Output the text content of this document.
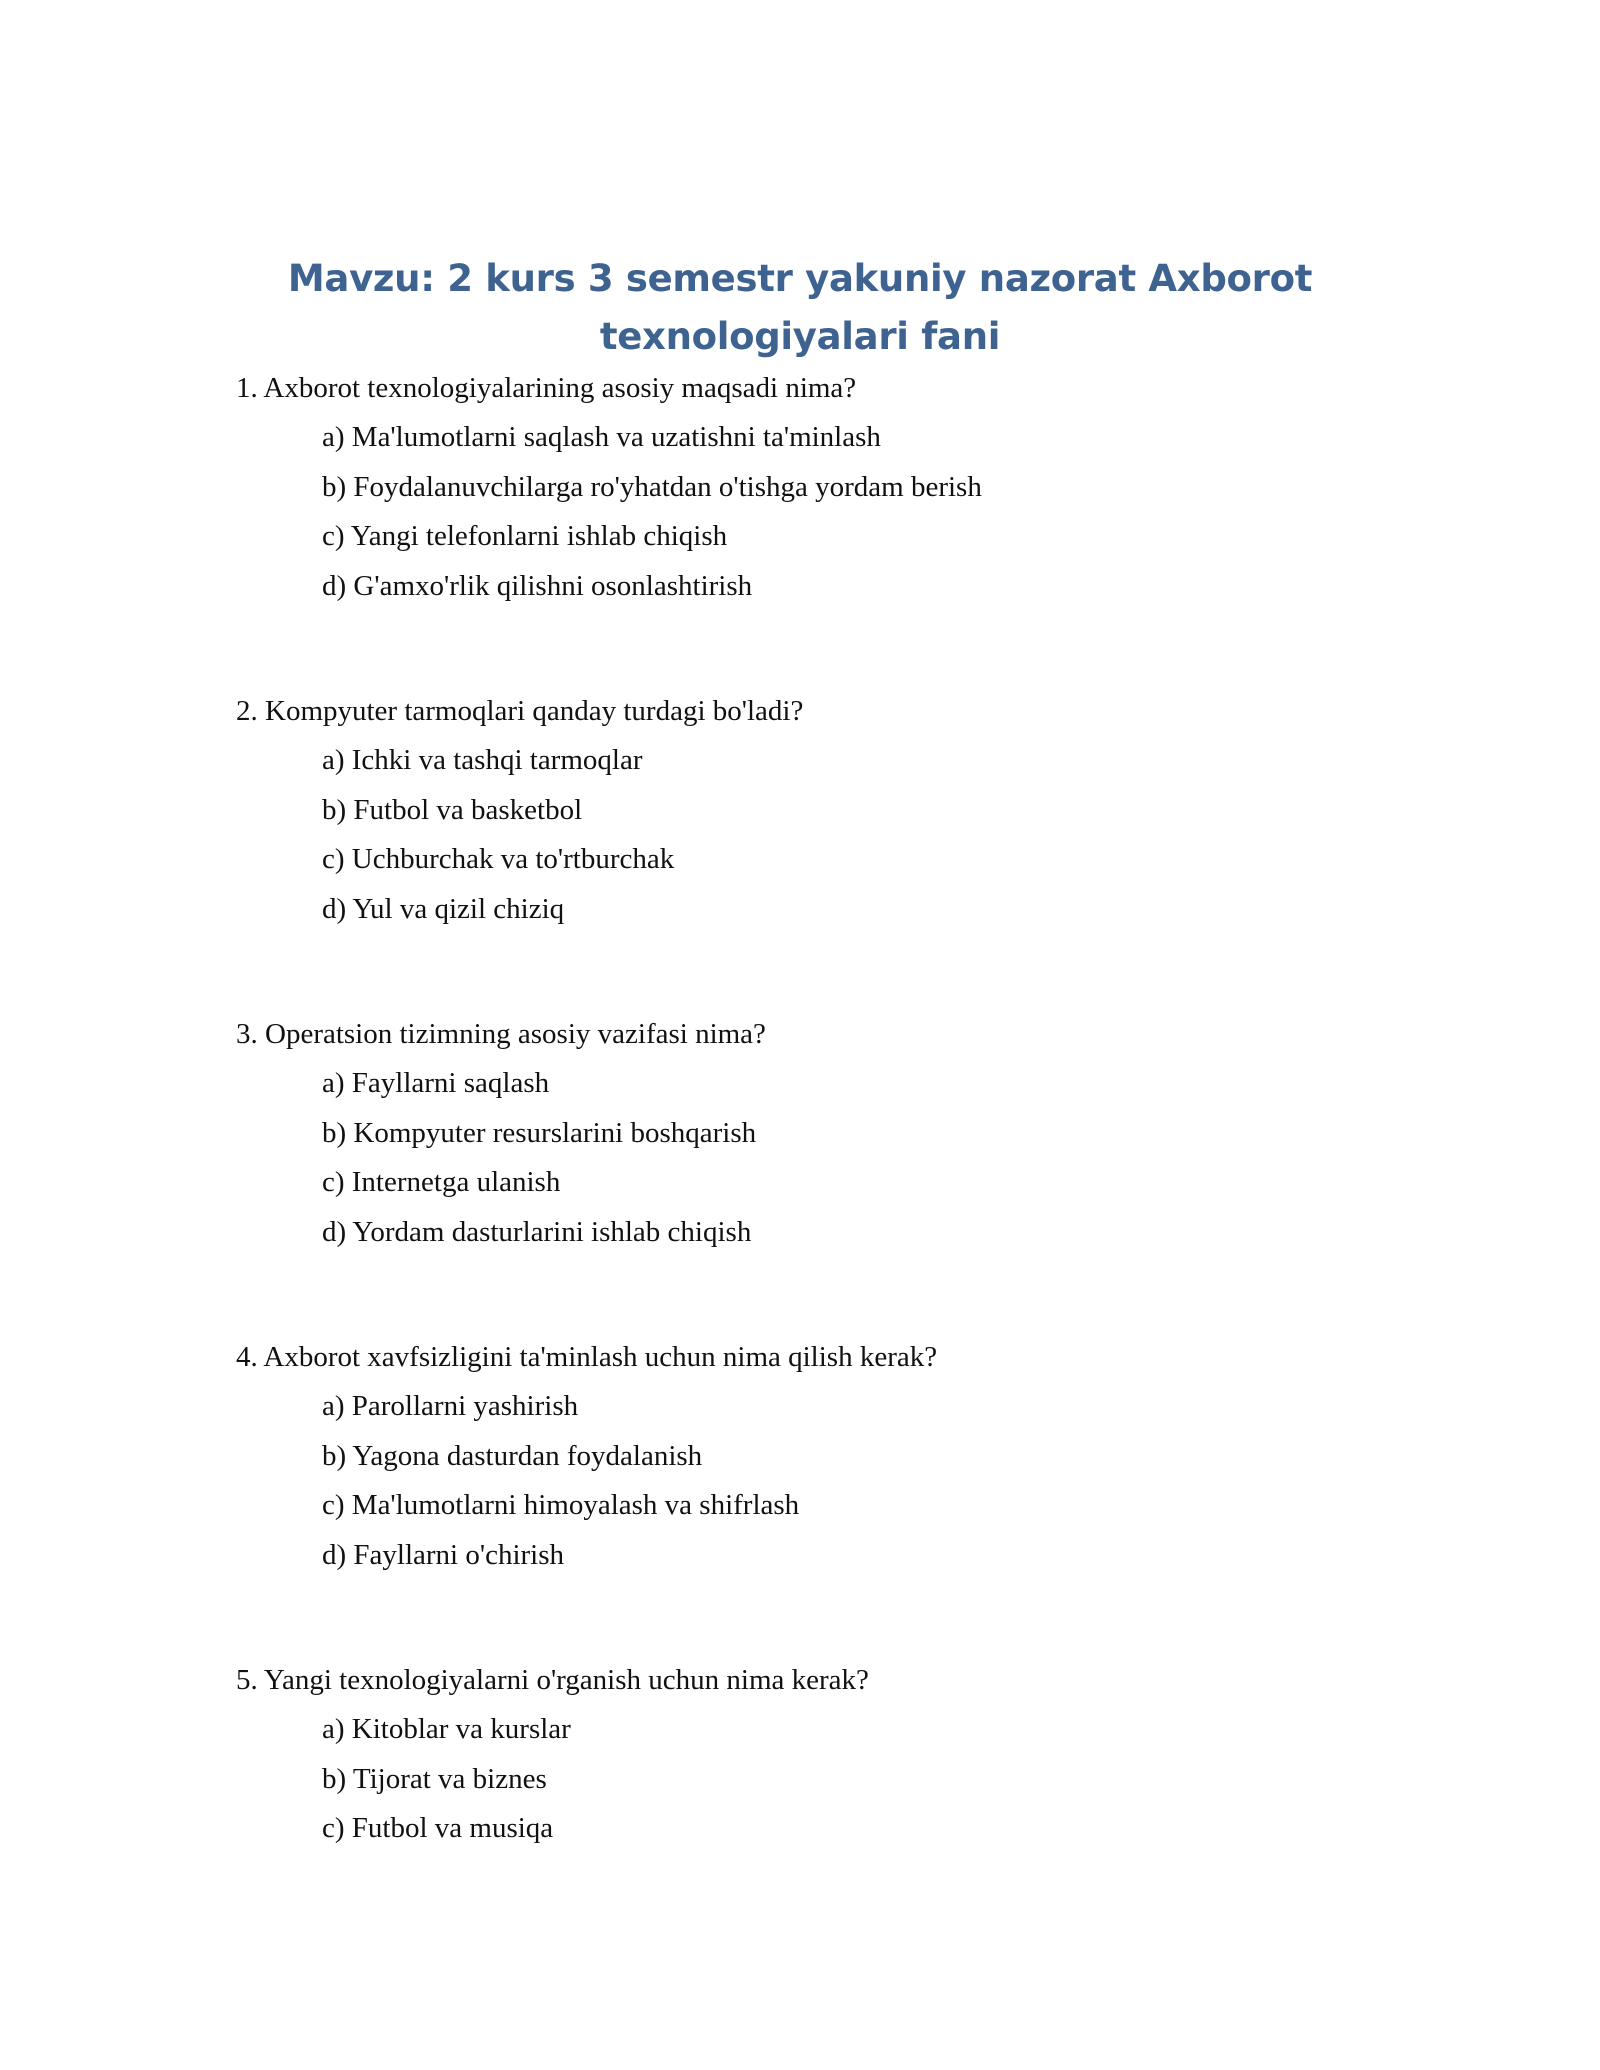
Mavzu: 2 kurs 3 semestr yakuniy nazorat Axborot texnologiyalari fani
1. Axborot texnologiyalarining asosiy maqsadi nima?
a) Ma'lumotlarni saqlash va uzatishni ta'minlash
b) Foydalanuvchilarga ro'yhatdan o'tishga yordam berish
c) Yangi telefonlarni ishlab chiqish
d) G'amxo'rlik qilishni osonlashtirish
2. Kompyuter tarmoqlari qanday turdagi bo'ladi?
a) Ichki va tashqi tarmoqlar
b) Futbol va basketbol
c) Uchburchak va to'rtburchak
d) Yul va qizil chiziq
3. Operatsion tizimning asosiy vazifasi nima?
a) Fayllarni saqlash
b) Kompyuter resurslarini boshqarish
c) Internetga ulanish
d) Yordam dasturlarini ishlab chiqish
4. Axborot xavfsizligini ta'minlash uchun nima qilish kerak?
a) Parollarni yashirish
b) Yagona dasturdan foydalanish
c) Ma'lumotlarni himoyalash va shifrlash
d) Fayllarni o'chirish
5. Yangi texnologiyalarni o'rganish uchun nima kerak?
a) Kitoblar va kurslar
b) Tijorat va biznes
c) Futbol va musiqa
